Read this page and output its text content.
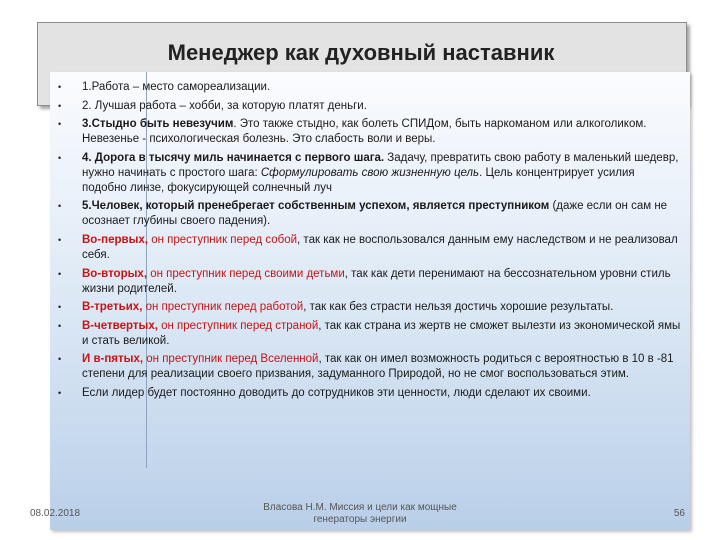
Менеджер как духовный наставник
• 1.Работа – место самореализации.
• 2. Лучшая работа – хобби, за которую платят деньги.
• 3.Стыдно быть невезучим. Это также стыдно, как болеть СПИДом, быть наркоманом или алкоголиком. Невезенье - психологическая болезнь. Это слабость воли и веры.
• 4. Дорога в тысячу миль начинается с первого шага. Задачу, превратить свою работу в маленький шедевр, нужно начинать с простого шага: Сформулировать свою жизненную цель. Цель концентрирует усилия подобно линзе, фокусирующей солнечный луч
• 5.Человек, который пренебрегает собственным успехом, является преступником (даже если он сам не осознает глубины своего падения).
• Во-первых, он преступник перед собой, так как не воспользовался данным ему наследством и не реализовал себя.
• Во-вторых, он преступник перед своими детьми, так как дети перенимают на бессознательном уровни стиль жизни родителей.
• В-третьих, он преступник перед работой, так как без страсти нельзя достичь хорошие результаты.
• В-четвертых, он преступник перед страной, так как страна из жертв не сможет вылезти из экономической ямы и стать великой.
• И в-пятых, он преступник перед Вселенной, так как он имел возможность родиться с вероятностью в 10 в -81 степени для реализации своего призвания, задуманного Природой, но не смог воспользоваться этим.
• Если лидер будет постоянно доводить до сотрудников эти ценности, люди сделают их своими.
08.02.2018
Власова Н.М. Миссия и цели как мощные генераторы энергии
56
